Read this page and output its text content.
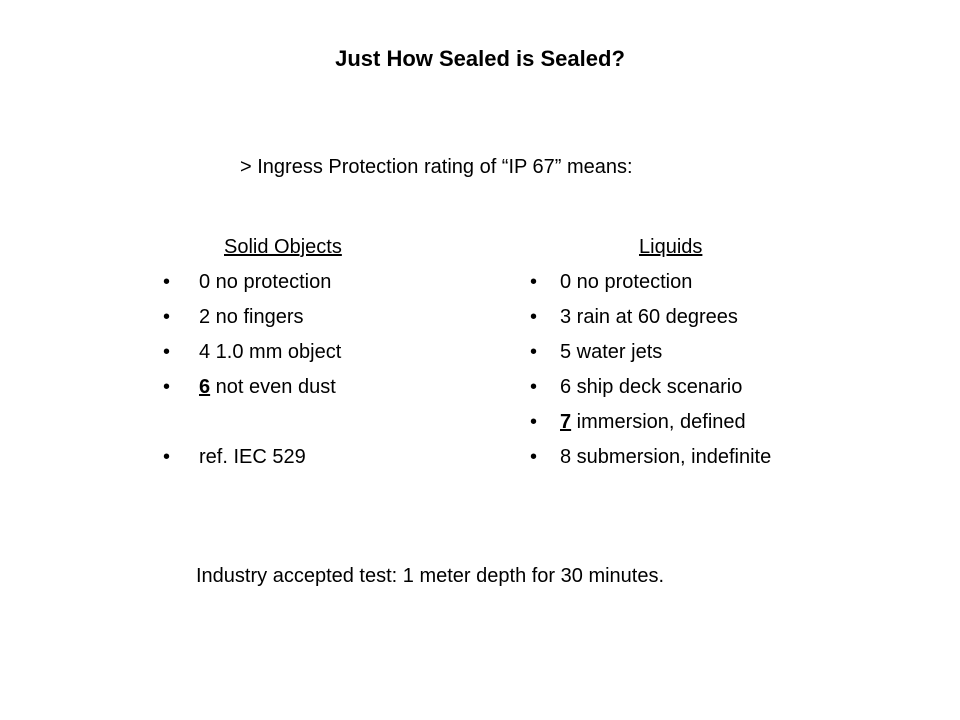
Just How Sealed is Sealed?
> Ingress Protection rating of “IP 67” means:
Solid Objects	Liquids
• 0 no protection
• 2 no fingers
• 4 1.0 mm object
• 6 not even dust
• ref. IEC 529
• 0 no protection
• 3 rain at 60 degrees
• 5 water jets
• 6 ship deck scenario
• 7 immersion, defined
• 8 submersion, indefinite
Industry accepted test: 1 meter depth for 30 minutes.
